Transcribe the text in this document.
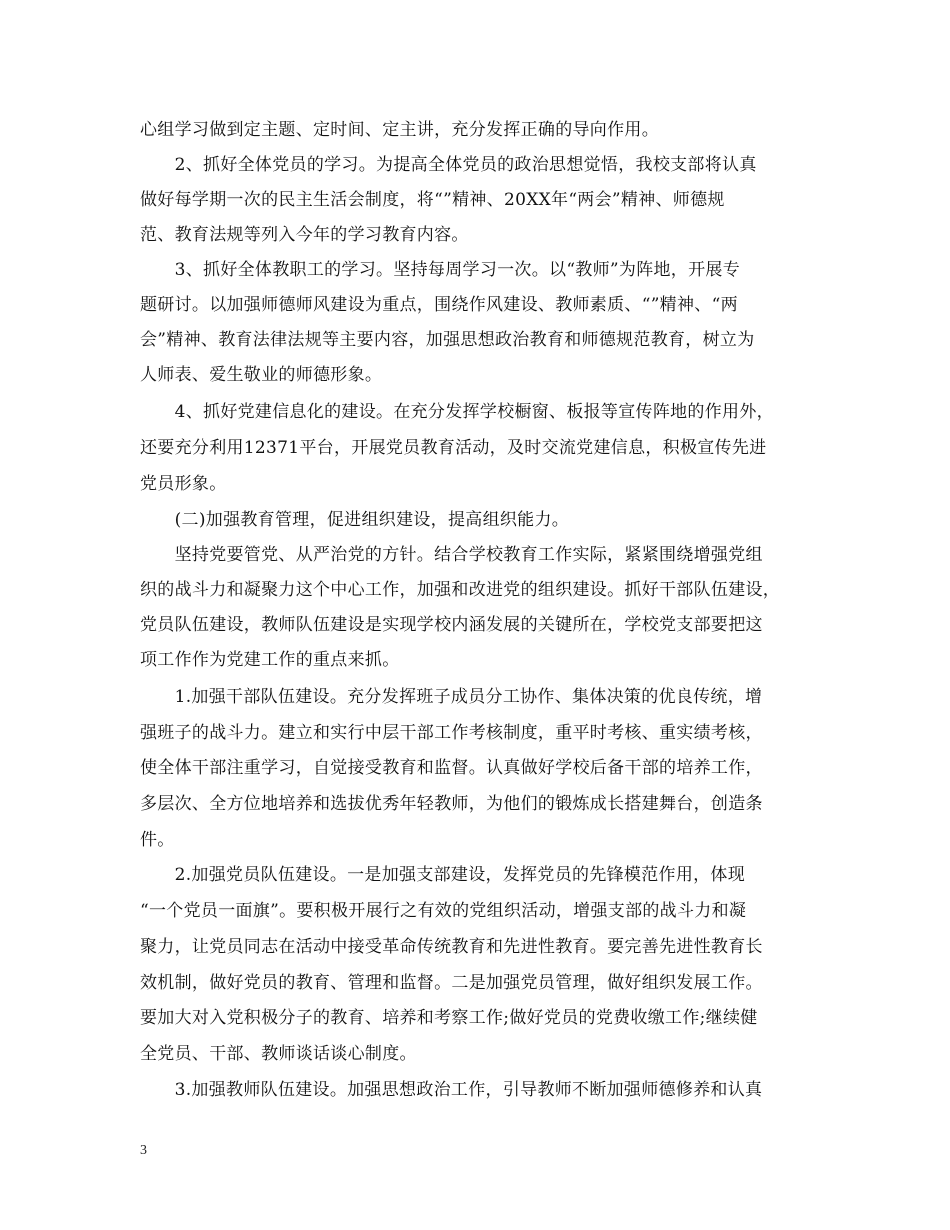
心组学习做到定主题、定时间、定主讲，充分发挥正确的导向作用。
　　2、抓好全体党员的学习。为提高全体党员的政治思想觉悟，我校支部将认真
做好每学期一次的民主生活会制度，将“”精神、20XX年“两会”精神、师德规
范、教育法规等列入今年的学习教育内容。
　　3、抓好全体教职工的学习。坚持每周学习一次。以“教师”为阵地，开展专
题研讨。以加强师德师风建设为重点，围绕作风建设、教师素质、“”精神、“两
会”精神、教育法律法规等主要内容，加强思想政治教育和师德规范教育，树立为
人师表、爱生敬业的师德形象。
　　4、抓好党建信息化的建设。在充分发挥学校橱窗、板报等宣传阵地的作用外，
还要充分利用12371平台，开展党员教育活动，及时交流党建信息，积极宣传先进
党员形象。
　　(二)加强教育管理，促进组织建设，提高组织能力。
　　坚持党要管党、从严治党的方针。结合学校教育工作实际，紧紧围绕增强党组
织的战斗力和凝聚力这个中心工作，加强和改进党的组织建设。抓好干部队伍建设，
党员队伍建设，教师队伍建设是实现学校内涵发展的关键所在，学校党支部要把这
项工作作为党建工作的重点来抓。
　　1.加强干部队伍建设。充分发挥班子成员分工协作、集体决策的优良传统，增
强班子的战斗力。建立和实行中层干部工作考核制度，重平时考核、重实绩考核，
使全体干部注重学习，自觉接受教育和监督。认真做好学校后备干部的培养工作，
多层次、全方位地培养和选拔优秀年轻教师，为他们的锻炼成长搭建舞台，创造条
件。
　　2.加强党员队伍建设。一是加强支部建设，发挥党员的先锋模范作用，体现
“一个党员一面旗”。要积极开展行之有效的党组织活动，增强支部的战斗力和凝
聚力，让党员同志在活动中接受革命传统教育和先进性教育。要完善先进性教育长
效机制，做好党员的教育、管理和监督。二是加强党员管理，做好组织发展工作。
要加大对入党积极分子的教育、培养和考察工作;做好党员的党费收缴工作;继续健
全党员、干部、教师谈话谈心制度。
　　3.加强教师队伍建设。加强思想政治工作，引导教师不断加强师德修养和认真
3
